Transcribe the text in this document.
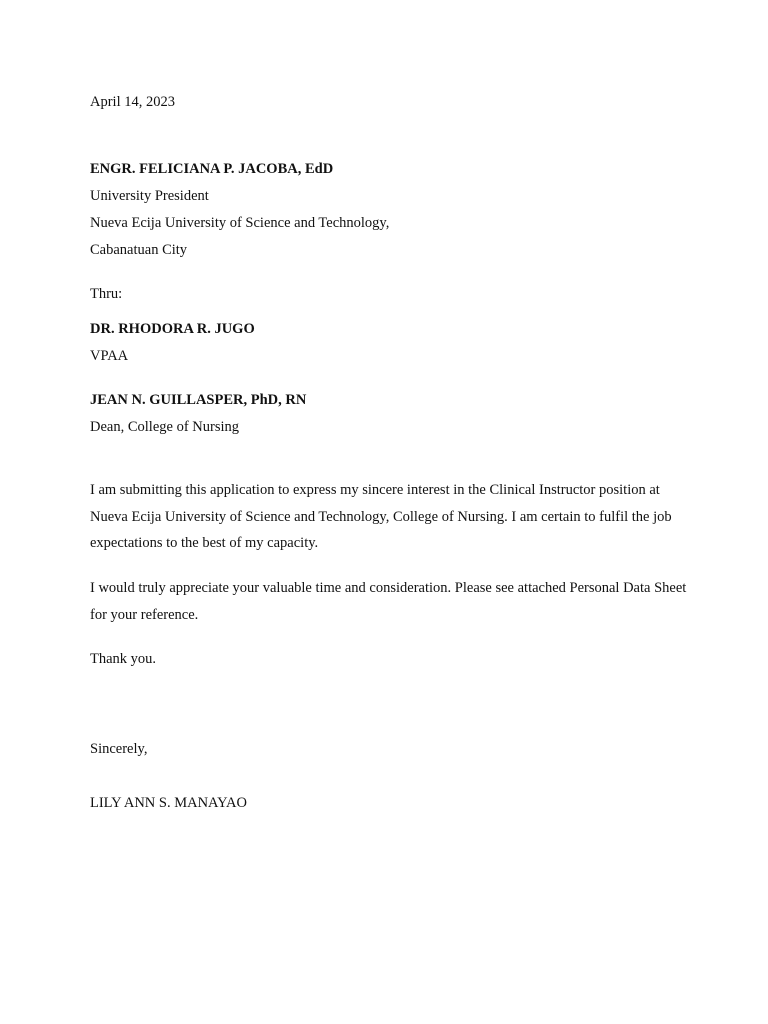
April 14, 2023
ENGR. FELICIANA P. JACOBA, EdD
University President
Nueva Ecija University of Science and Technology,
Cabanatuan City
Thru:
DR. RHODORA R. JUGO
VPAA
JEAN N. GUILLASPER, PhD, RN
Dean, College of Nursing
I am submitting this application to express my sincere interest in the Clinical Instructor position at Nueva Ecija University of Science and Technology, College of Nursing. I am certain to fulfil the job expectations to the best of my capacity.
I would truly appreciate your valuable time and consideration. Please see attached Personal Data Sheet for your reference.
Thank you.
Sincerely,
LILY ANN S. MANAYAO
